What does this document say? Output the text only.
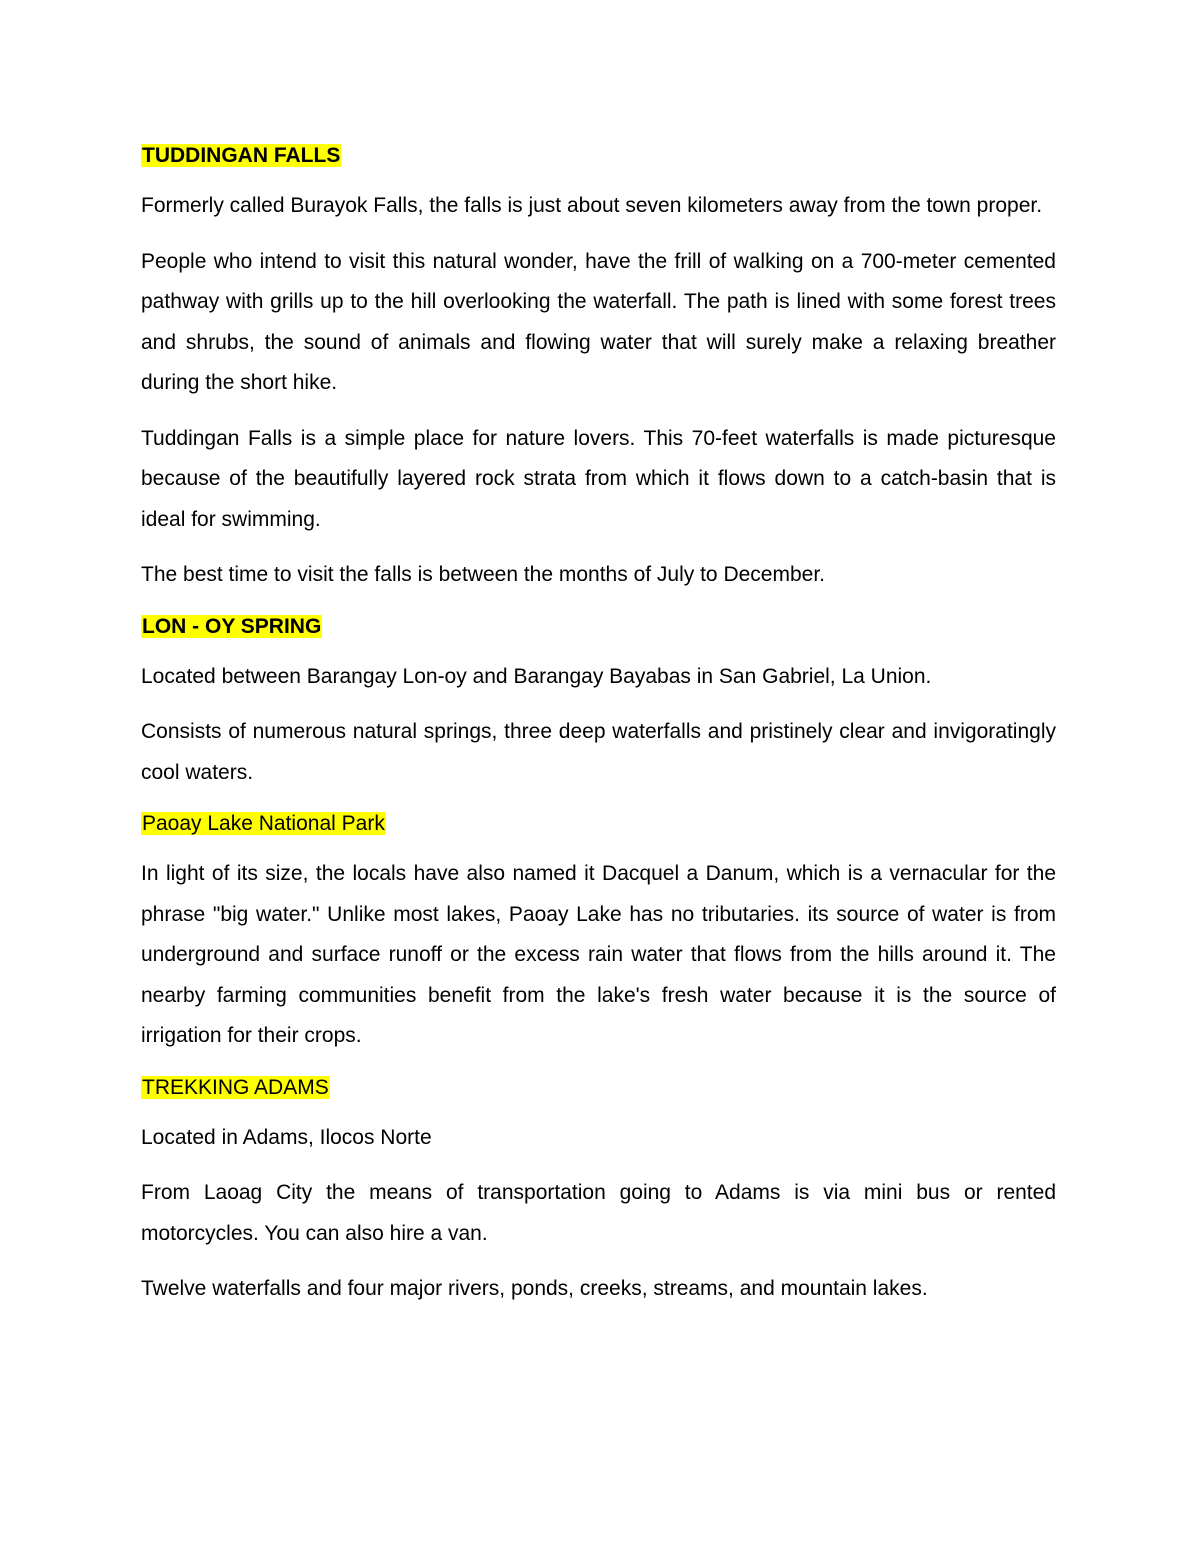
TUDDINGAN FALLS

Formerly called Burayok Falls, the falls is just about seven kilometers away from the town proper.

People who intend to visit this natural wonder, have the frill of walking on a 700-meter cemented pathway with grills up to the hill overlooking the waterfall. The path is lined with some forest trees and shrubs, the sound of animals and flowing water that will surely make a relaxing breather during the short hike.

Tuddingan Falls is a simple place for nature lovers. This 70-feet waterfalls is made picturesque because of the beautifully layered rock strata from which it flows down to a catch-basin that is ideal for swimming.

The best time to visit the falls is between the months of July to December.

LON - OY SPRING

Located between Barangay Lon-oy and Barangay Bayabas in San Gabriel, La Union.

Consists of numerous natural springs, three deep waterfalls and pristinely clear and invigoratingly cool waters.

Paoay Lake National Park

In light of its size, the locals have also named it Dacquel a Danum, which is a vernacular for the phrase "big water." Unlike most lakes, Paoay Lake has no tributaries. its source of water is from underground and surface runoff or the excess rain water that flows from the hills around it. The nearby farming communities benefit from the lake's fresh water because it is the source of irrigation for their crops.

TREKKING ADAMS

Located in Adams, Ilocos Norte

From Laoag City the means of transportation going to Adams is via mini bus or rented motorcycles. You can also hire a van.

Twelve waterfalls and four major rivers, ponds, creeks, streams, and mountain lakes.
